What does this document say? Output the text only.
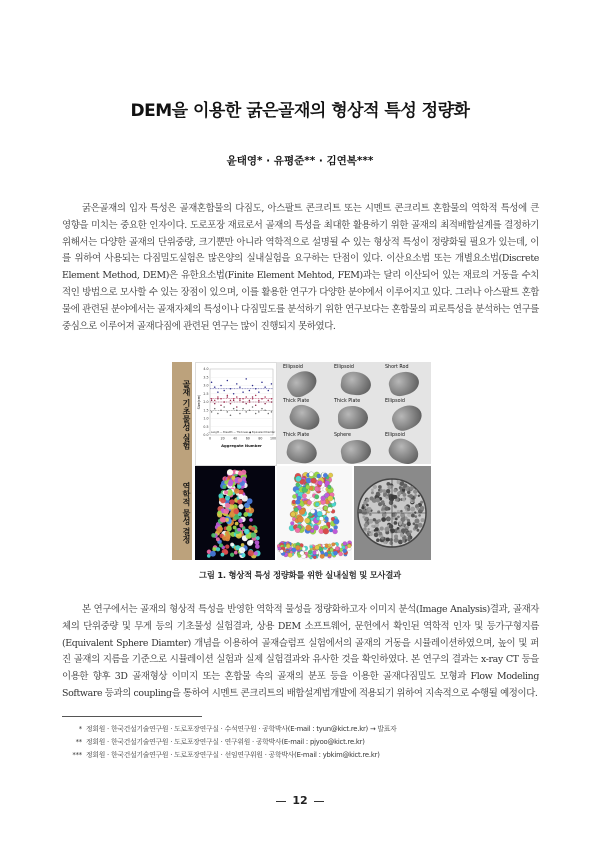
DEM을 이용한 굵은골재의 형상적 특성 정량화
윤태영* · 유평준** · 김연복***
굵은골재의 입자 특성은 골재혼합물의 다짐도, 아스팔트 콘크리트 또는 시멘트 콘크리트 혼합물의 역학적 특성에 큰 영향을 미치는 중요한 인자이다. 도로포장 재료로서 골재의 특성을 최대한 활용하기 위한 골재의 최적배합설계를 결정하기 위해서는 다양한 골재의 단위중량, 크기뿐만 아니라 역학적으로 설명될 수 있는 형상적 특성이 정량화될 필요가 있는데, 이를 위하여 사용되는 다짐밀도실험은 많은양의 실내실험을 요구하는 단점이 있다. 이산요소법 또는 개별요소법(Discrete Element Method, DEM)은 유한요소법(Finite Element Mehtod, FEM)과는 달리 이산되어 있는 재료의 거동을 수치적인 방법으로 모사할 수 있는 장점이 있으며, 이를 활용한 연구가 다양한 분야에서 이루어지고 있다. 그러나 아스팔트 혼합물에 관련된 분야에서는 골재자체의 특성이나 다짐밀도를 분석하기 위한 연구보다는 혼합물의 피로특성을 분석하는 연구를 중심으로 이루어져 골재다짐에 관련된 연구는 많이 진행되지 못하였다.
골재 기초물성 실험
역학적 물성 결정
0.0
0.5
1.0
1.5
2.0
2.5
3.0
3.5
4.0
0	20	40	60	80 100
Aggregate Number
Size(cm)
— Length — Breadth — Thickness ● Equivalent Diamter
Ellipsoid	Ellipsoid	Short Rod
Thick Plate	Thick Plate	Ellipsoid
Thick Plate	Sphere	Ellipsoid
그림 1. 형상적 특성 정량화를 위한 실내실험 및 모사결과
본 연구에서는 골재의 형상적 특성을 반영한 역학적 물성을 정량화하고자 이미지 분석(Image Analysis)결과, 골재자체의 단위중량 및 무게 등의 기초물성 실험결과, 상용 DEM 소프트웨어, 문헌에서 확인된 역학적 인자 및 등가구형지름(Equivalent Sphere Diamter) 개념을 이용하여 골재슬럼프 실험에서의 골재의 거동을 시뮬레이션하였으며, 높이 및 퍼진 골재의 지름을 기준으로 시뮬레이션 실험과 실제 실험결과와 유사한 것을 확인하였다. 본 연구의 결과는 x-ray CT 등을 이용한 향후 3D 골재형상 이미지 또는 혼합물 속의 골재의 분포 등을 이용한 골재다짐밀도 모형과 Flow Modeling Software 등과의 coupling을 통하여 시멘트 콘크리트의 배합설계법개발에 적용되기 위하여 지속적으로 수행될 예정이다.
* 정회원 · 한국건설기술연구원 · 도로포장연구실 · 수석연구원 · 공학박사(E-mail : tyun@kict.re.kr) → 발표자
** 정회원 · 한국건설기술연구원 · 도로포장연구실 · 연구위원 · 공학박사(E-mail : pjyoo@kict.re.kr)
*** 정회원 · 한국건설기술연구원 · 도로포장연구실 · 선임연구위원 · 공학박사(E-mail : ybkim@kict.re.kr)
12
